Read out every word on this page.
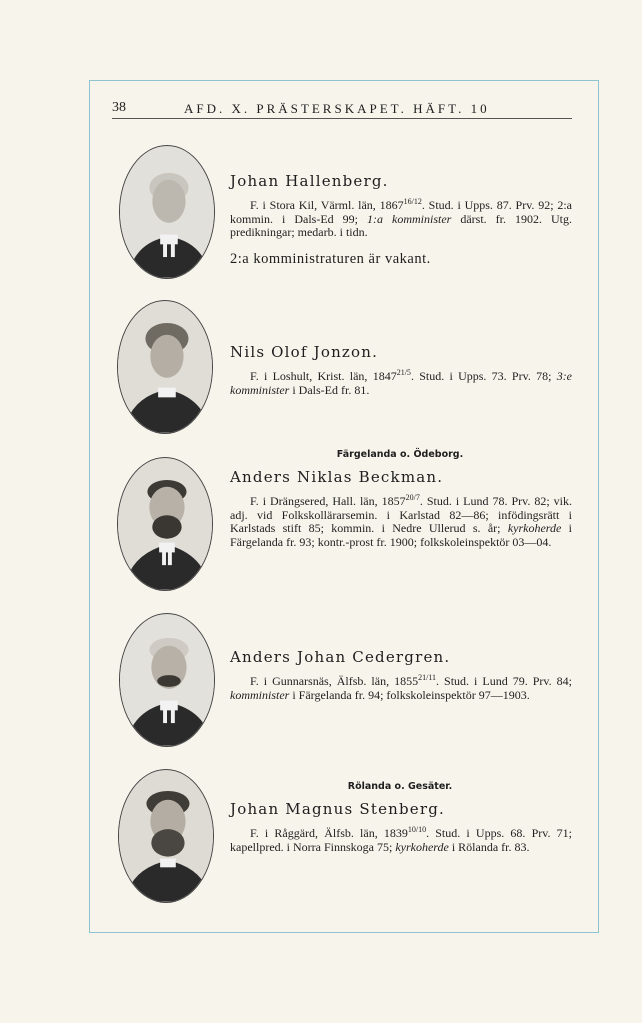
38	AFD. X. PRÄSTERSKAPET. HÄFT. 10

Johan Hallenberg.

F. i Stora Kil, Värml. län, $1867^{16/12}$. Stud. i Upps. 87. Prv. 92; 2:a kommin. i Dals-Ed 99; 1:a komminister därst. fr. 1902. Utg. predikningar; medarb. i tidn.

2:a komministraturen är vakant.

Nils Olof Jonzon.

F. i Loshult, Krist. län, $1847^{21/5}$. Stud. i Upps. 73. Prv. 78; 3:e komminister i Dals-Ed fr. 81.

Färgelanda o. Ödeborg.

Anders Niklas Beckman.

F. i Drängsered, Hall. län, $1857^{20/7}$. Stud. i Lund 78. Prv. 82; vik. adj. vid Folkskollärarsemin. i Karlstad 82—86; infödingsrätt i Karlstads stift 85; kommin. i Nedre Ullerud s. år; kyrkoherde i Färgelanda fr. 93; kontr.-prost fr. 1900; folkskoleinspektör 03—04.

Anders Johan Cedergren.

F. i Gunnarsnäs, Älfsb. län, $1855^{21/11}$. Stud. i Lund 79. Prv. 84; komminister i Färgelanda fr. 94; folkskoleinspektör 97—1903.

Rölanda o. Gesäter.

Johan Magnus Stenberg.

F. i Råggärd, Älfsb. län, $1839^{10/10}$. Stud. i Upps. 68. Prv. 71; kapellpred. i Norra Finnskoga 75; kyrkoherde i Rölanda fr. 83.
